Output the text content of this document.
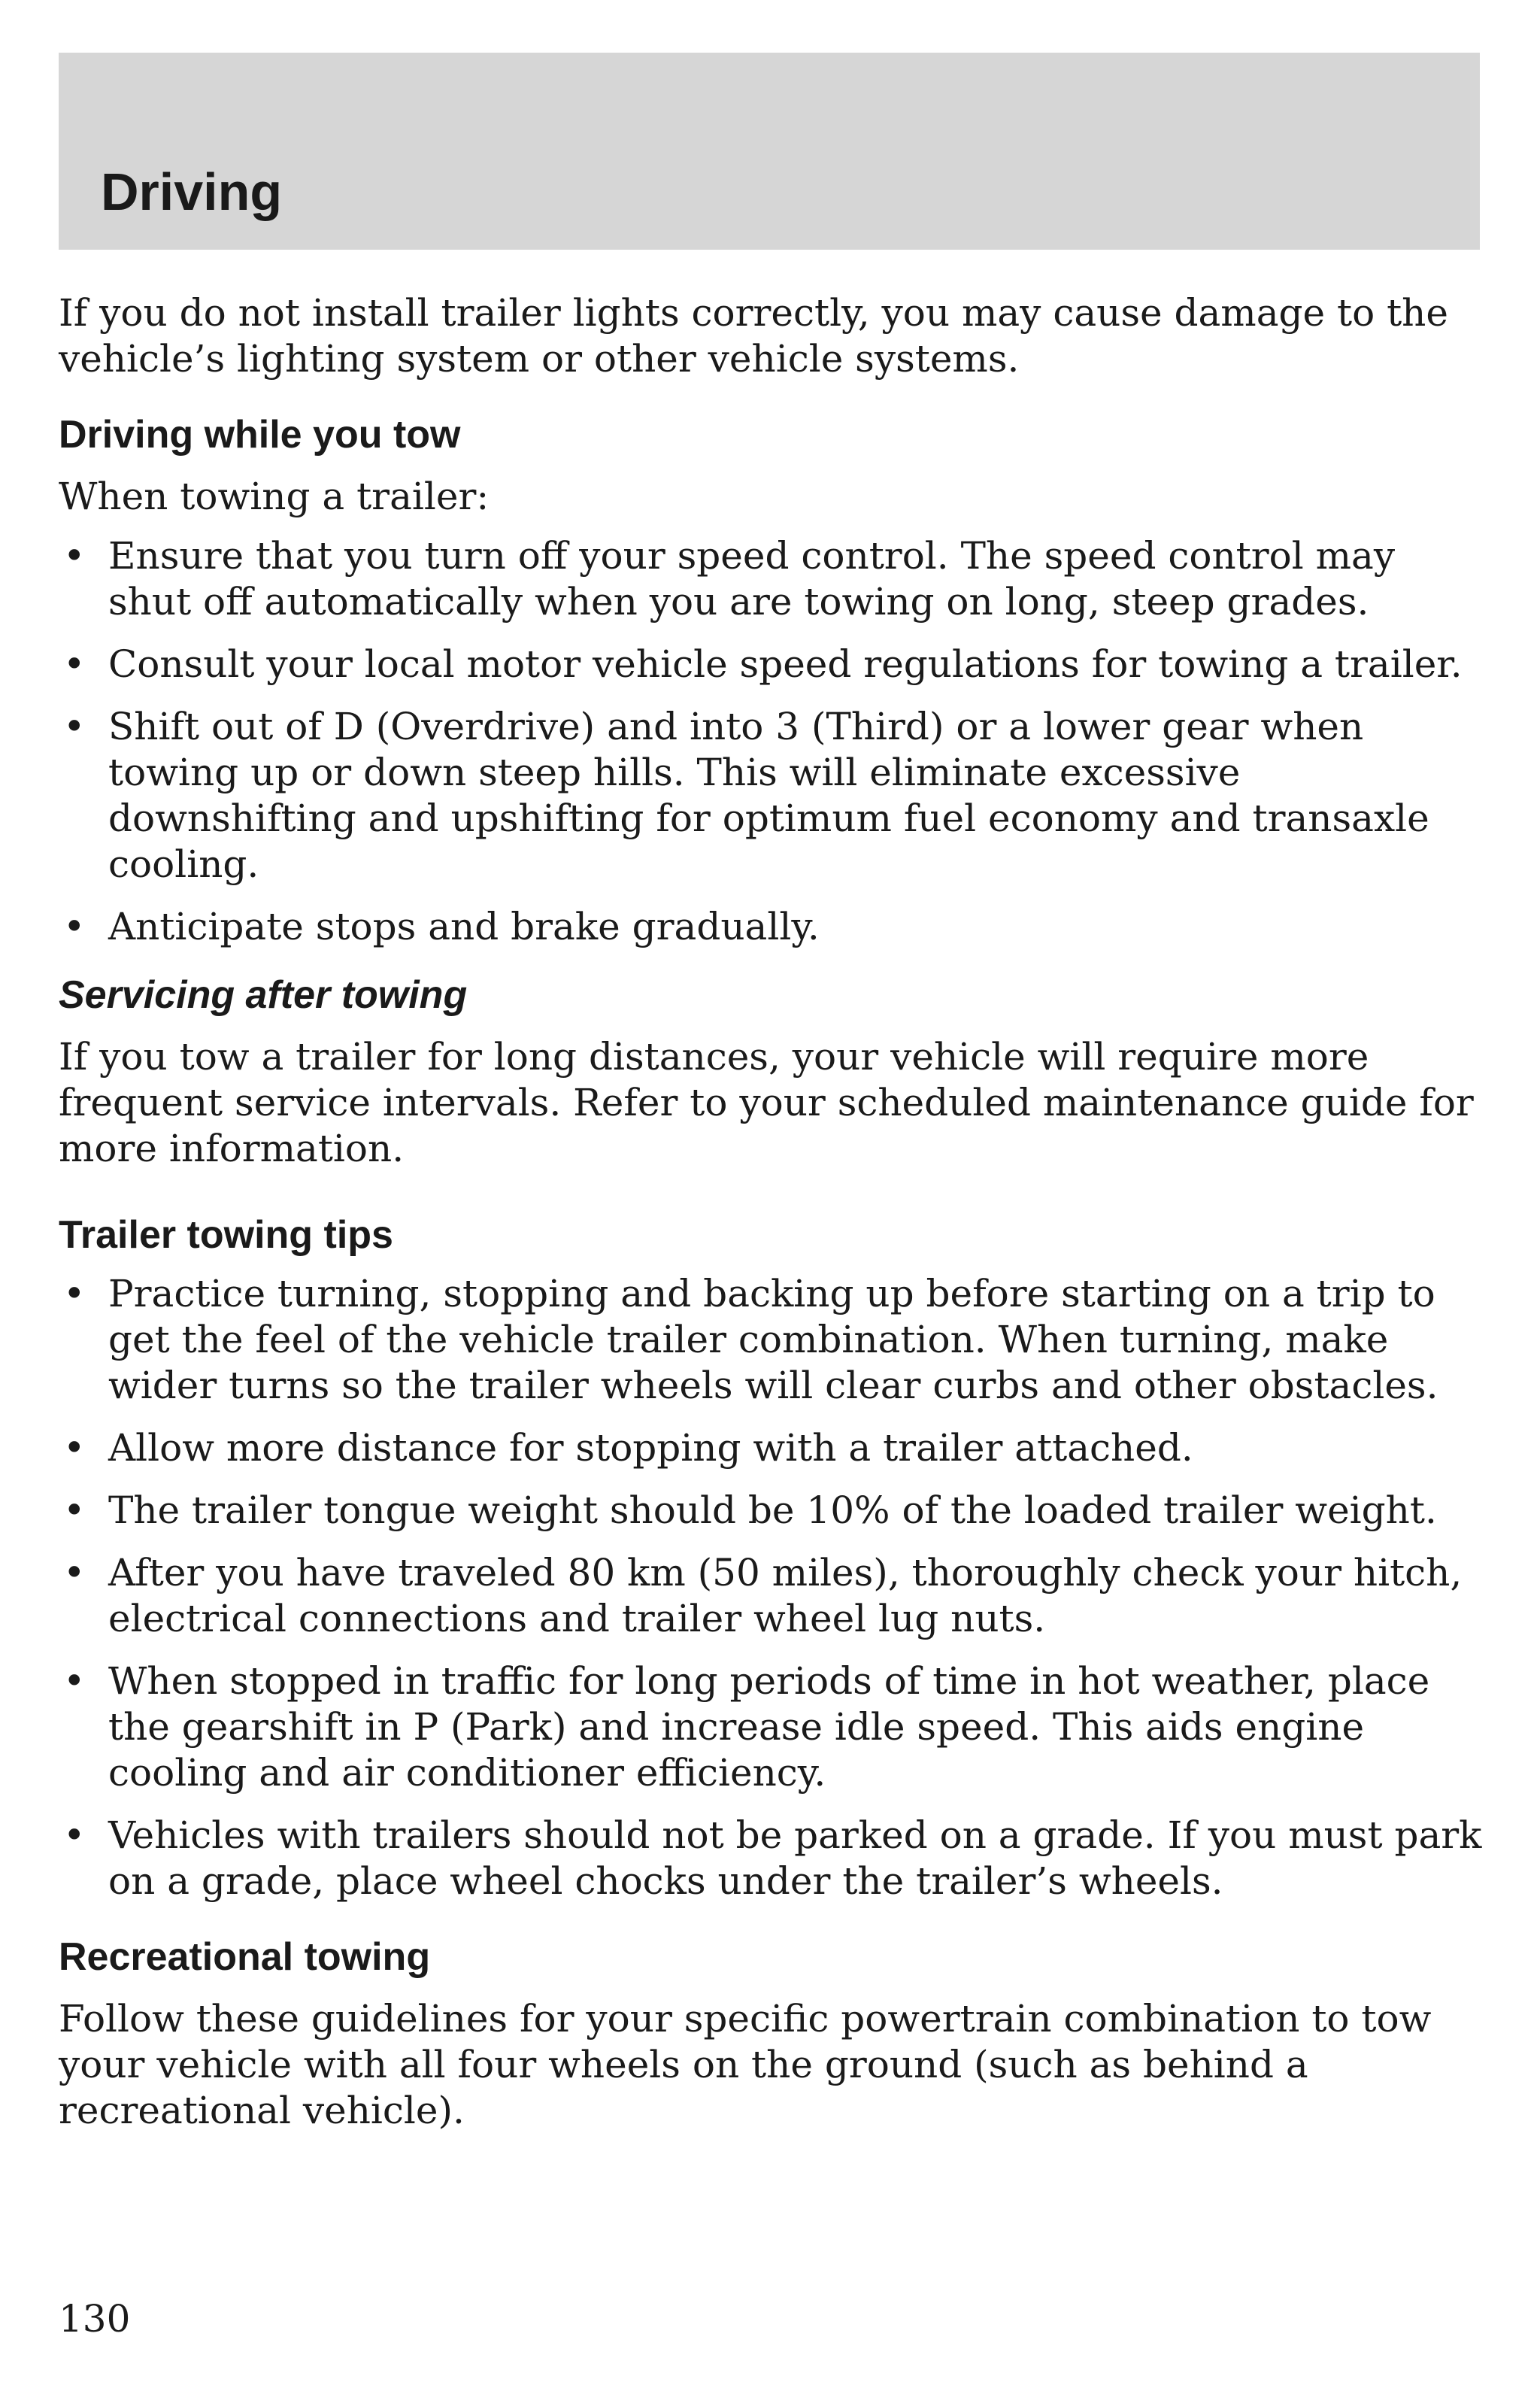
Driving

If you do not install trailer lights correctly, you may cause damage to the vehicle’s lighting system or other vehicle systems.

Driving while you tow

When towing a trailer:

• Ensure that you turn off your speed control. The speed control may shut off automatically when you are towing on long, steep grades.
• Consult your local motor vehicle speed regulations for towing a trailer.
• Shift out of D (Overdrive) and into 3 (Third) or a lower gear when towing up or down steep hills. This will eliminate excessive downshifting and upshifting for optimum fuel economy and transaxle cooling.
• Anticipate stops and brake gradually.
Servicing after towing

If you tow a trailer for long distances, your vehicle will require more frequent service intervals. Refer to your scheduled maintenance guide for more information.

Trailer towing tips
• Practice turning, stopping and backing up before starting on a trip to get the feel of the vehicle trailer combination. When turning, make wider turns so the trailer wheels will clear curbs and other obstacles.
• Allow more distance for stopping with a trailer attached.
• The trailer tongue weight should be 10% of the loaded trailer weight.
• After you have traveled 80 km (50 miles), thoroughly check your hitch, electrical connections and trailer wheel lug nuts.
• When stopped in traffic for long periods of time in hot weather, place the gearshift in P (Park) and increase idle speed. This aids engine cooling and air conditioner efficiency.
• Vehicles with trailers should not be parked on a grade. If you must park on a grade, place wheel chocks under the trailer’s wheels.
Recreational towing

Follow these guidelines for your specific powertrain combination to tow your vehicle with all four wheels on the ground (such as behind a recreational vehicle).

130
